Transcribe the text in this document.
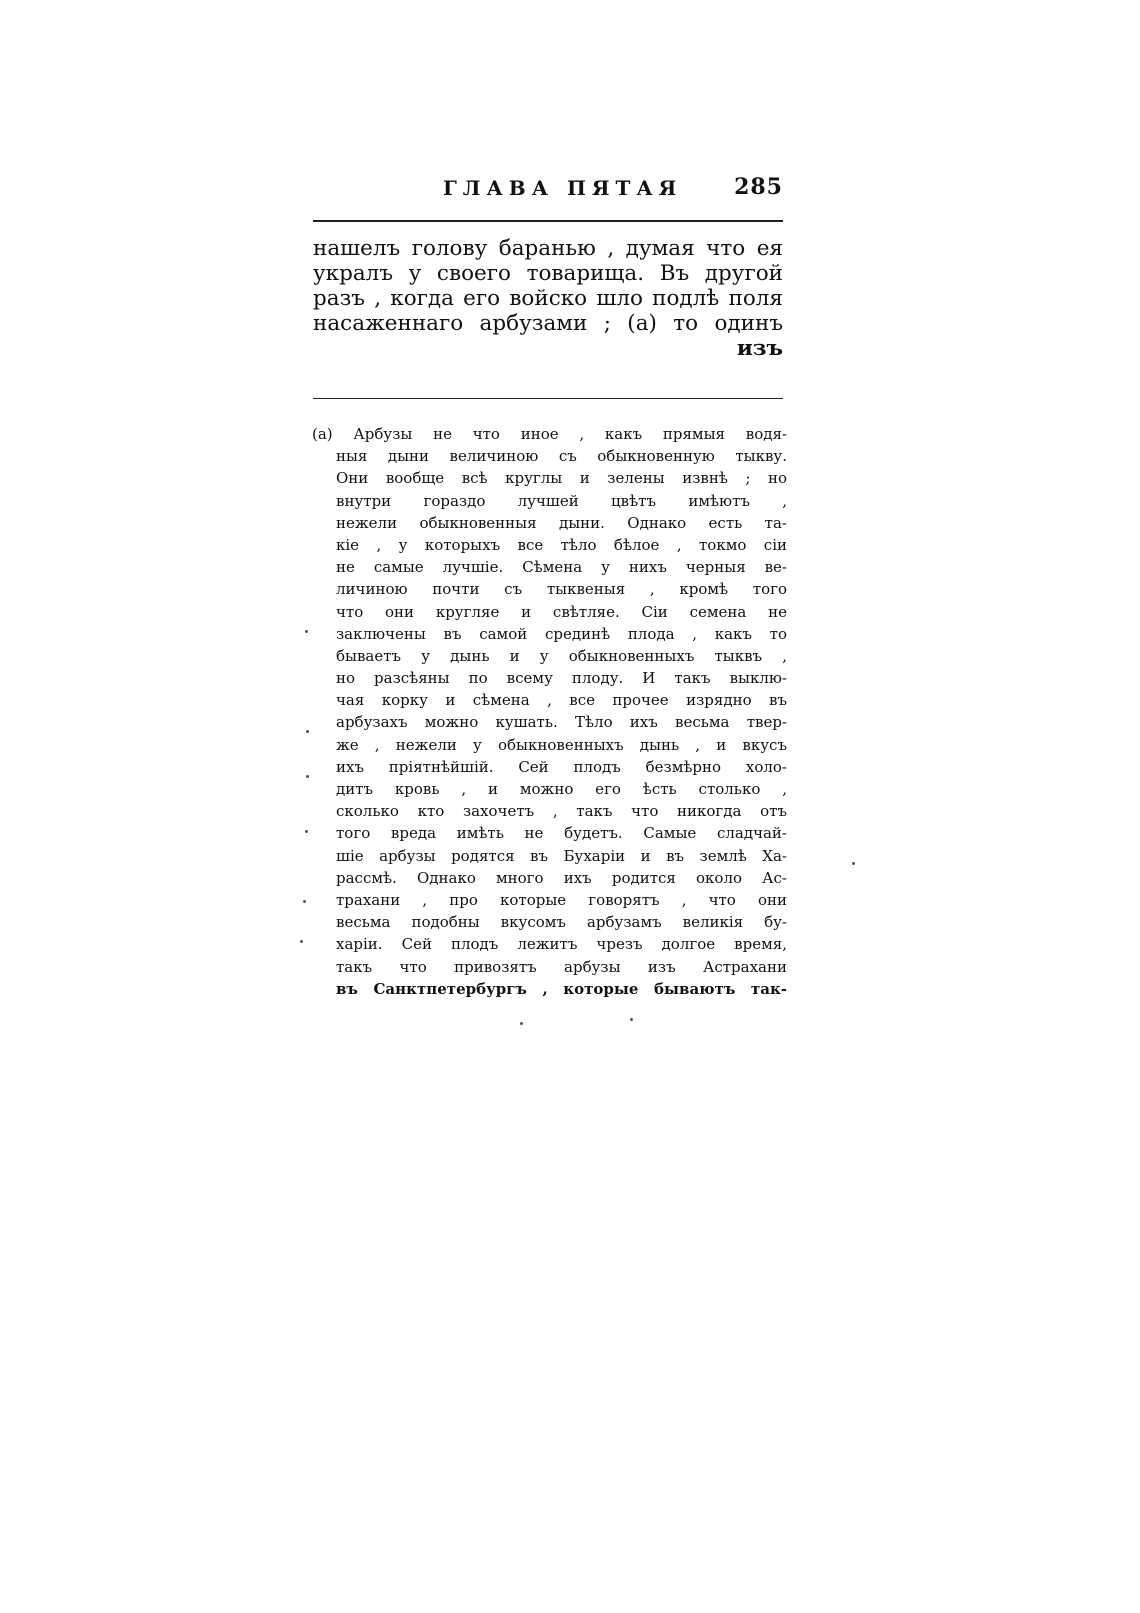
ГЛАВА ПЯТАЯ 285
нашелъ голову баранью , думая что ея
укралъ у своего товарища. Въ другой
разъ , когда его войско шло подлѣ поля
насаженнаго арбузами ; (а) то одинъ
изъ
(а) Арбузы не что иное , какъ прямыя водя-
ныя дыни величиною съ обыкновенную тыкву.
Они вообще всѣ круглы и зелены извнѣ ; но
внутри гораздо лучшей цвѣтъ имѣютъ ,
нежели обыкновенныя дыни. Однако есть та-
кіе , у которыхъ все тѣло бѣлое , токмо сіи
не самые лучшіе. Сѣмена у нихъ черныя ве-
личиною почти съ тыквеныя , кромѣ того
что они кругляе и свѣтляе. Сіи семена не
заключены въ самой срединѣ плода , какъ то
бываетъ у дынь и у обыкновенныхъ тыквъ ,
но разсѣяны по всему плоду. И такъ выклю-
чая корку и сѣмена , все прочее изрядно въ
арбузахъ можно кушать. Тѣло ихъ весьма твер-
же , нежели у обыкновенныхъ дынь , и вкусъ
ихъ пріятнѣйшій. Сей плодъ безмѣрно холо-
дитъ кровь , и можно его ѣсть столько ,
сколько кто захочетъ , такъ что никогда отъ
того вреда имѣть не будетъ. Самые сладчай-
шіе арбузы родятся въ Бухаріи и въ землѣ Ха-
рассмѣ. Однако много ихъ родится около Ас-
трахани , про которые говорятъ , что они
весьма подобны вкусомъ арбузамъ великія бу-
харіи. Сей плодъ лежитъ чрезъ долгое время,
такъ что привозятъ арбузы изъ Астрахани
въ Санктпетербургъ , которые бываютъ так-
